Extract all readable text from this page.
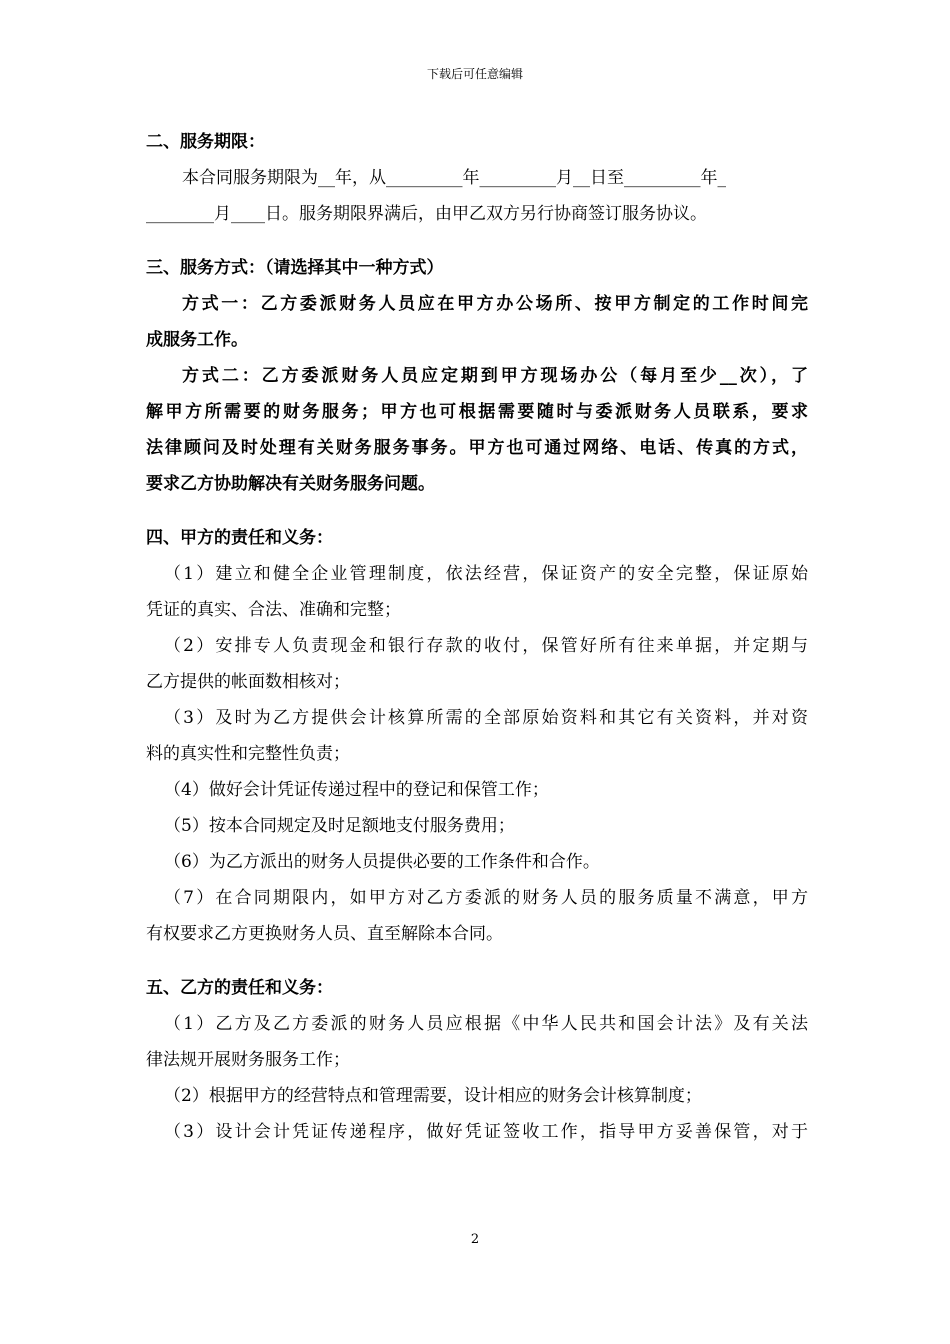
下载后可任意编辑
二、服务期限：
本合同服务期限为__年，从_________年_________月__日至_________年_
________月____日。服务期限界满后，由甲乙双方另行协商签订服务协议。
三、服务方式：（请选择其中一种方式）
方式一：乙方委派财务人员应在甲方办公场所、按甲方制定的工作时间完
成服务工作。
方式二：乙方委派财务人员应定期到甲方现场办公（每月至少__次），了
解甲方所需要的财务服务；甲方也可根据需要随时与委派财务人员联系，要求
法律顾问及时处理有关财务服务事务。甲方也可通过网络、电话、传真的方式，
要求乙方协助解决有关财务服务问题。
四、甲方的责任和义务：
（1）建立和健全企业管理制度，依法经营，保证资产的安全完整，保证原始
凭证的真实、合法、准确和完整；
（2）安排专人负责现金和银行存款的收付，保管好所有往来单据，并定期与
乙方提供的帐面数相核对；
（3）及时为乙方提供会计核算所需的全部原始资料和其它有关资料，并对资
料的真实性和完整性负责；
（4）做好会计凭证传递过程中的登记和保管工作；
（5）按本合同规定及时足额地支付服务费用；
（6）为乙方派出的财务人员提供必要的工作条件和合作。
（7）在合同期限内，如甲方对乙方委派的财务人员的服务质量不满意，甲方
有权要求乙方更换财务人员、直至解除本合同。
五、乙方的责任和义务：
（1）乙方及乙方委派的财务人员应根据《中华人民共和国会计法》及有关法
律法规开展财务服务工作；
（2）根据甲方的经营特点和管理需要，设计相应的财务会计核算制度；
（3）设计会计凭证传递程序，做好凭证签收工作，指导甲方妥善保管，对于
2
